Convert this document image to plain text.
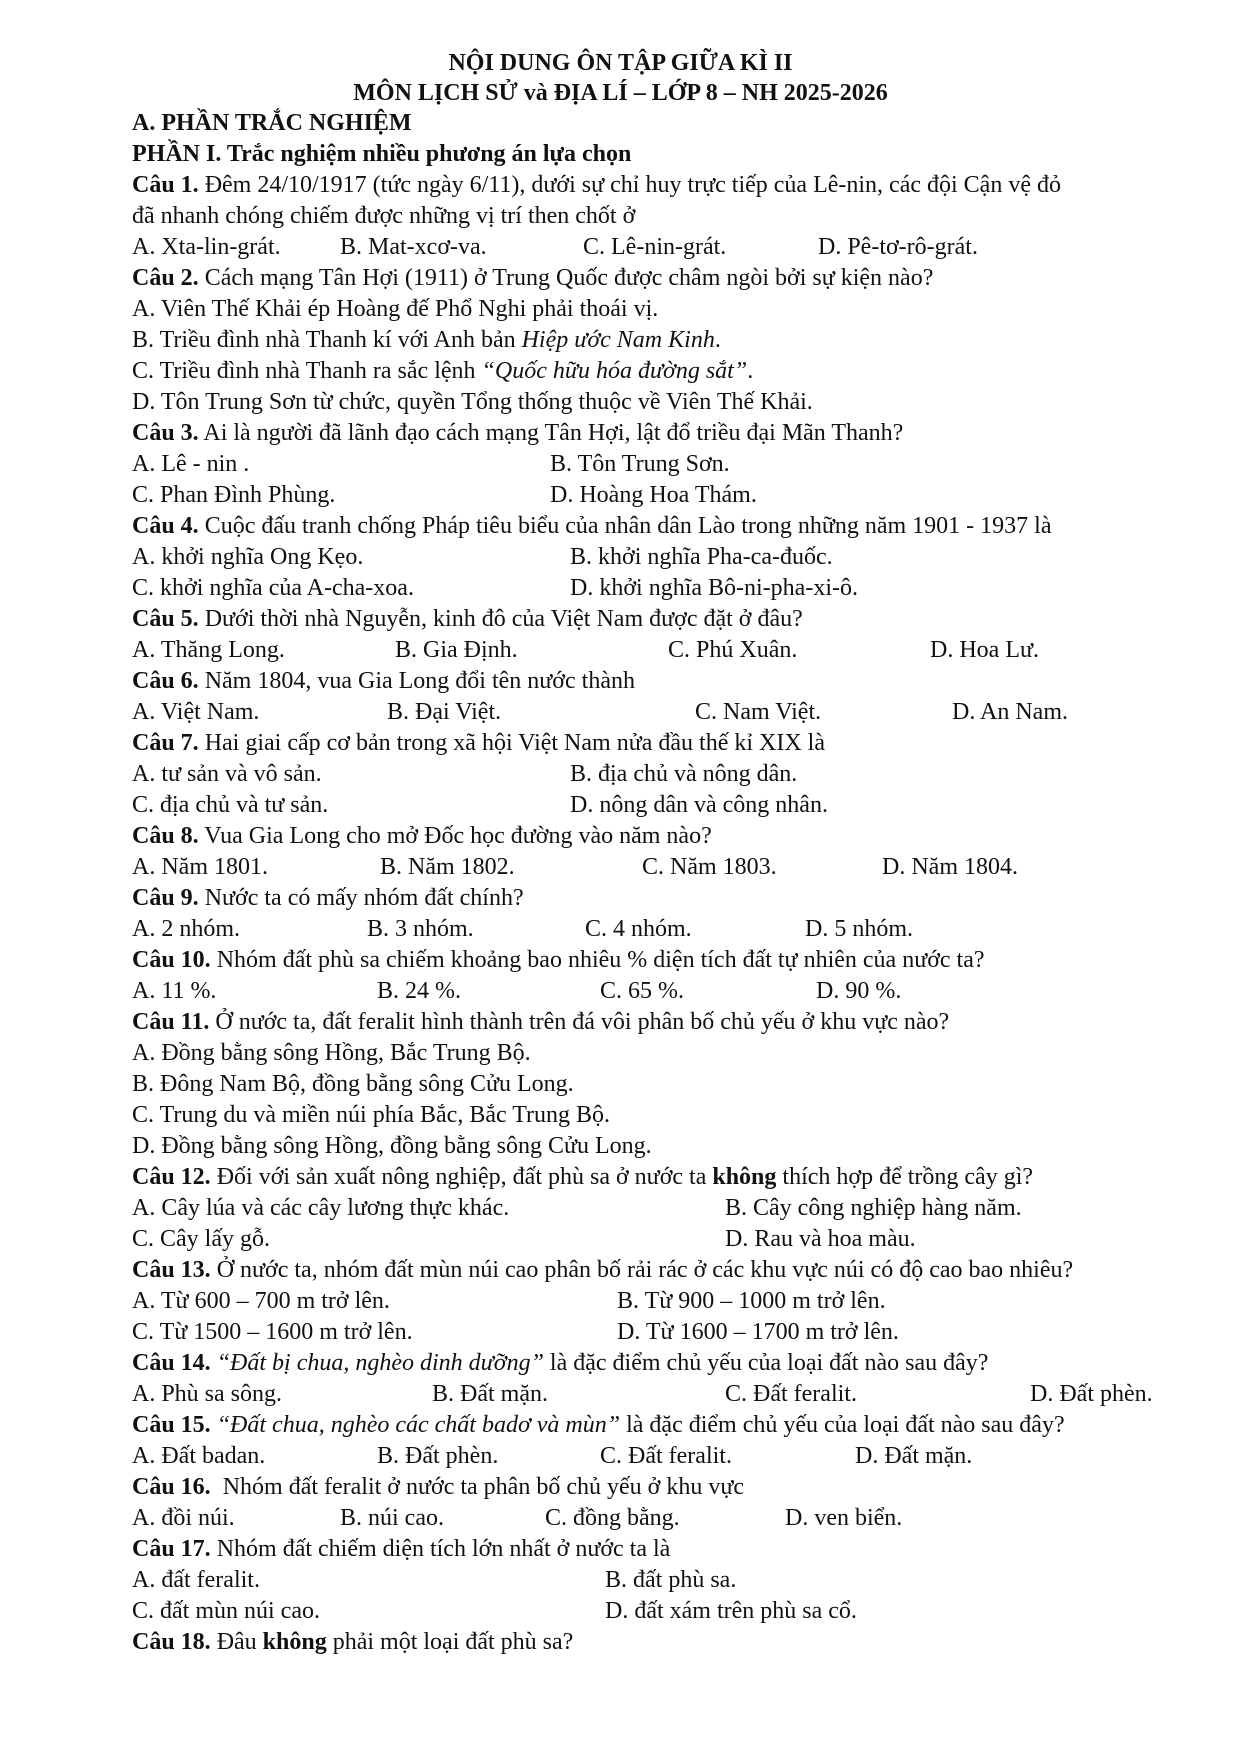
NỘI DUNG ÔN TẬP GIỮA KÌ II
MÔN LỊCH SỬ và ĐỊA LÍ – LỚP 8 – NH 2025-2026
A. PHẦN TRẮC NGHIỆM
PHẦN I. Trắc nghiệm nhiều phương án lựa chọn
Câu 1. Đêm 24/10/1917 (tức ngày 6/11), dưới sự chỉ huy trực tiếp của Lê-nin, các đội Cận vệ đỏ
đã nhanh chóng chiếm được những vị trí then chốt ở
A. Xta-lin-grát. B. Mat-xcơ-va.	C. Lê-nin-grát.	D. Pê-tơ-rô-grát.
Câu 2. Cách mạng Tân Hợi (1911) ở Trung Quốc được châm ngòi bởi sự kiện nào?
A. Viên Thế Khải ép Hoàng đế Phổ Nghi phải thoái vị.
B. Triều đình nhà Thanh kí với Anh bản Hiệp ước Nam Kinh.
C. Triều đình nhà Thanh ra sắc lệnh “Quốc hữu hóa đường sắt”.
D. Tôn Trung Sơn từ chức, quyền Tổng thống thuộc về Viên Thế Khải.
Câu 3. Ai là người đã lãnh đạo cách mạng Tân Hợi, lật đổ triều đại Mãn Thanh?
A. Lê - nin .	B. Tôn Trung Sơn.
C. Phan Đình Phùng.	D. Hoàng Hoa Thám.
Câu 4. Cuộc đấu tranh chống Pháp tiêu biểu của nhân dân Lào trong những năm 1901 - 1937 là
A. khởi nghĩa Ong Kẹo.	B. khởi nghĩa Pha-ca-đuốc.
C. khởi nghĩa của A-cha-xoa.	D. khởi nghĩa Bô-ni-pha-xi-ô.
Câu 5. Dưới thời nhà Nguyễn, kinh đô của Việt Nam được đặt ở đâu?
A. Thăng Long.	B. Gia Định.	C. Phú Xuân.	D. Hoa Lư.
Câu 6. Năm 1804, vua Gia Long đổi tên nước thành
A. Việt Nam.	B. Đại Việt.	C. Nam Việt.	D. An Nam.
Câu 7. Hai giai cấp cơ bản trong xã hội Việt Nam nửa đầu thế kỉ XIX là
A. tư sản và vô sản.	B. địa chủ và nông dân.
C. địa chủ và tư sản.	D. nông dân và công nhân.
Câu 8. Vua Gia Long cho mở Đốc học đường vào năm nào?
A. Năm 1801.	B. Năm 1802.	C. Năm 1803.	D. Năm 1804.
Câu 9. Nước ta có mấy nhóm đất chính?
A. 2 nhóm.	B. 3 nhóm.	C. 4 nhóm.	D. 5 nhóm.
Câu 10. Nhóm đất phù sa chiếm khoảng bao nhiêu % diện tích đất tự nhiên của nước ta?
A. 11 %.	B. 24 %.	C. 65 %.	D. 90 %.
Câu 11. Ở nước ta, đất feralit hình thành trên đá vôi phân bố chủ yếu ở khu vực nào?
A. Đồng bằng sông Hồng, Bắc Trung Bộ.
B. Đông Nam Bộ, đồng bằng sông Cửu Long.
C. Trung du và miền núi phía Bắc, Bắc Trung Bộ.
D. Đồng bằng sông Hồng, đồng bằng sông Cửu Long.
Câu 12. Đối với sản xuất nông nghiệp, đất phù sa ở nước ta không thích hợp để trồng cây gì?
A. Cây lúa và các cây lương thực khác.	B. Cây công nghiệp hàng năm.
C. Cây lấy gỗ.	D. Rau và hoa màu.
Câu 13. Ở nước ta, nhóm đất mùn núi cao phân bố rải rác ở các khu vực núi có độ cao bao nhiêu?
A. Từ 600 – 700 m trở lên.	B. Từ 900 – 1000 m trở lên.
C. Từ 1500 – 1600 m trở lên.	D. Từ 1600 – 1700 m trở lên.
Câu 14. “Đất bị chua, nghèo dinh dưỡng” là đặc điểm chủ yếu của loại đất nào sau đây?
A. Phù sa sông.	B. Đất mặn.	C. Đất feralit.	D. Đất phèn.
Câu 15. “Đất chua, nghèo các chất badơ và mùn” là đặc điểm chủ yếu của loại đất nào sau đây?
A. Đất badan.	B. Đất phèn.	C. Đất feralit.	D. Đất mặn.
Câu 16.  Nhóm đất feralit ở nước ta phân bố chủ yếu ở khu vực
A. đồi núi.	B. núi cao.	C. đồng bằng.	D. ven biển.
Câu 17. Nhóm đất chiếm diện tích lớn nhất ở nước ta là
A. đất feralit.	B. đất phù sa.
C. đất mùn núi cao.	D. đất xám trên phù sa cổ.
Câu 18. Đâu không phải một loại đất phù sa?
